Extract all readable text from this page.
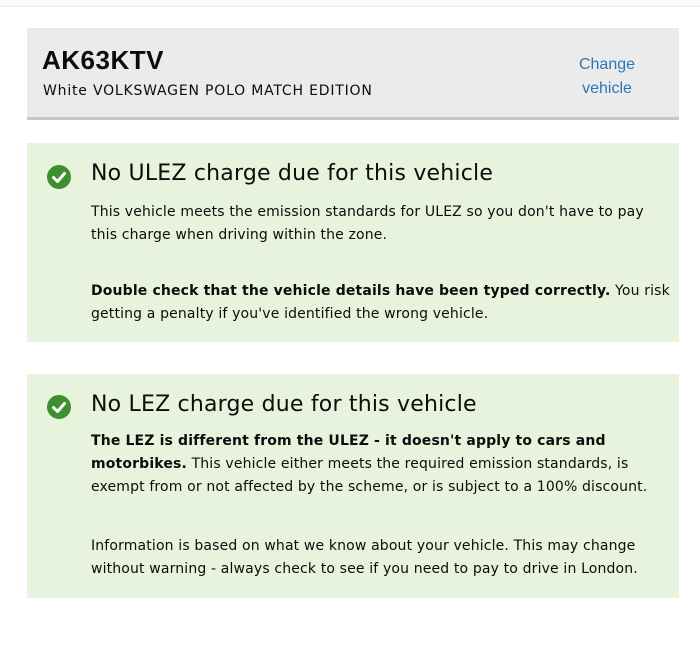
AK63KTV
White VOLKSWAGEN POLO MATCH EDITION
Change
vehicle
No ULEZ charge due for this vehicle
This vehicle meets the emission standards for ULEZ so you don't have to pay this charge when driving within the zone.
Double check that the vehicle details have been typed correctly. You risk getting a penalty if you've identified the wrong vehicle.
No LEZ charge due for this vehicle
The LEZ is different from the ULEZ - it doesn't apply to cars and motorbikes. This vehicle either meets the required emission standards, is exempt from or not affected by the scheme, or is subject to a 100% discount.
Information is based on what we know about your vehicle. This may change without warning - always check to see if you need to pay to drive in London.
